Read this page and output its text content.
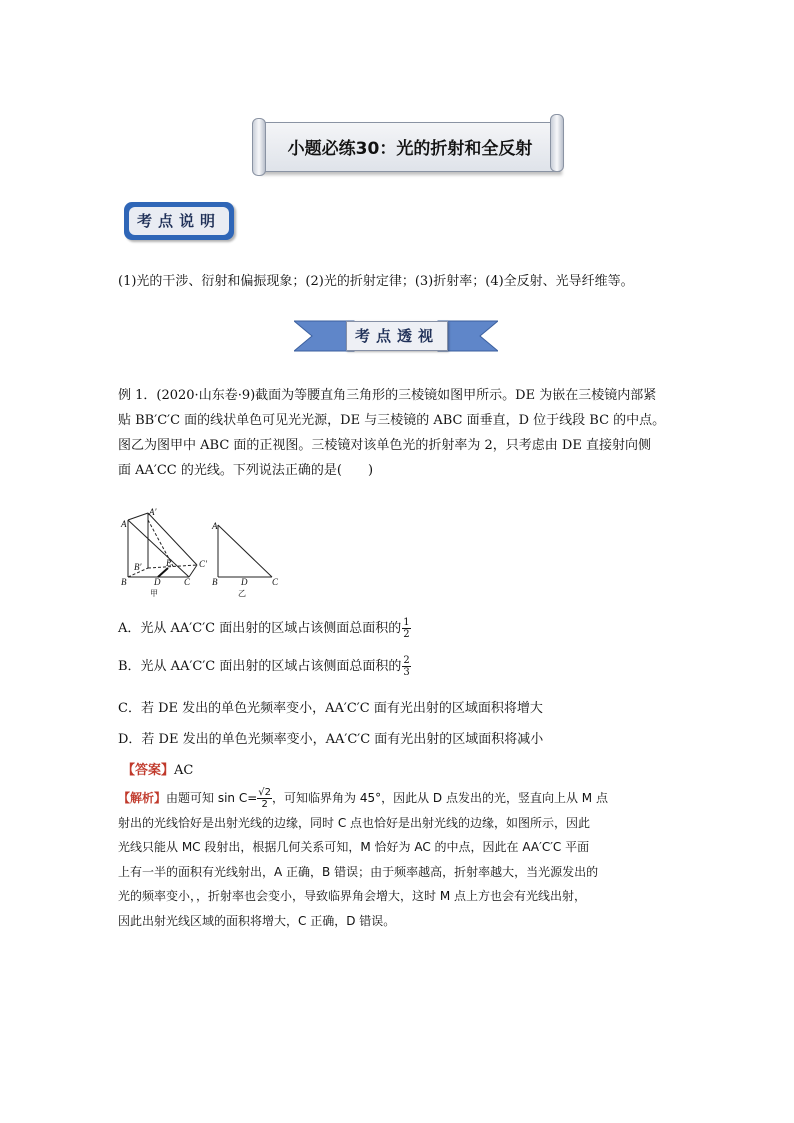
小题必练30：光的折射和全反射
考点说明
(1)光的干涉、衍射和偏振现象；(2)光的折射定律；(3)折射率；(4)全反射、光导纤维等。
考点透视
例 1．(2020·山东卷·9)截面为等腰直角三角形的三棱镜如图甲所示。DE 为嵌在三棱镜内部紧
贴 BB′C′C 面的线状单色可见光光源，DE 与三棱镜的 ABC 面垂直，D 位于线段 BC 的中点。
图乙为图甲中 ABC 面的正视图。三棱镜对该单色光的折射率为 2，只考虑由 DE 直接射向侧
面 AA′CC 的光线。下列说法正确的是(　　)
A
A′
B′	E	C′
B	D	C
A
B	D	C
甲	乙
A．光从 AA′C′C 面出射的区域占该侧面总面积的 $\frac{1}{2}$
B．光从 AA′C′C 面出射的区域占该侧面总面积的 $\frac{2}{3}$
C．若 DE 发出的单色光频率变小，AA′C′C 面有光出射的区域面积将增大
D．若 DE 发出的单色光频率变小，AA′C′C 面有光出射的区域面积将减小
【答案】AC
【解析】由题可知 $\sin C= \frac{√2}{2}$ ，可知临界角为 45°，因此从 D 点发出的光，竖直向上从 M 点
射出的光线恰好是出射光线的边缘，同时 C 点也恰好是出射光线的边缘，如图所示，因此
光线只能从 MC 段射出，根据几何关系可知，M 恰好为 AC 的中点，因此在 AA′C′C 平面
上有一半的面积有光线射出，A 正确，B 错误；由于频率越高，折射率越大，当光源发出的
光的频率变小，，折射率也会变小，导致临界角会增大，这时 M 点上方也会有光线出射，
因此出射光线区域的面积将增大，C 正确，D 错误。
